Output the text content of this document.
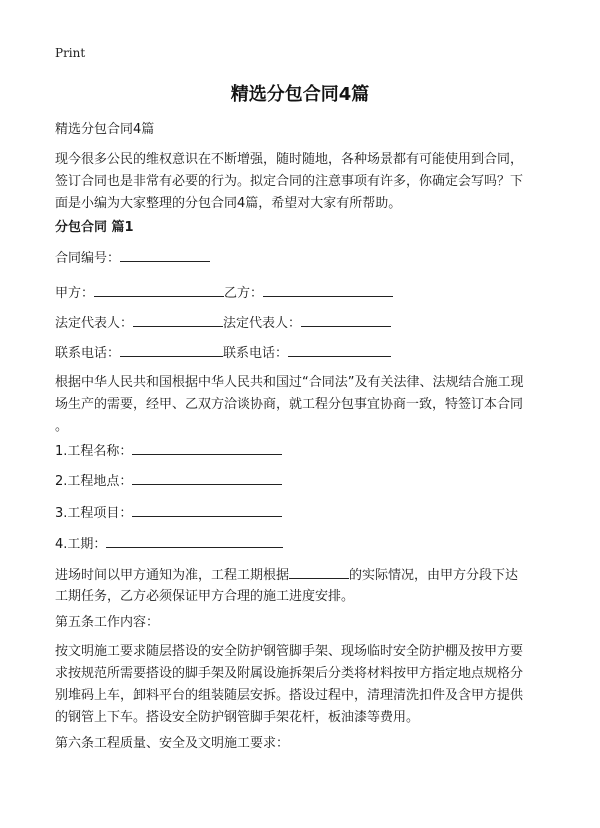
Print
精选分包合同4篇
精选分包合同4篇
现今很多公民的维权意识在不断增强，随时随地，各种场景都有可能使用到合同，
签订合同也是非常有必要的行为。拟定合同的注意事项有许多，你确定会写吗？下
面是小编为大家整理的分包合同4篇，希望对大家有所帮助。
分包合同 篇1
合同编号：
甲方：	乙方：
法定代表人：	法定代表人：
联系电话：	联系电话：
根据中华人民共和国根据中华人民共和国过“合同法”及有关法律、法规结合施工现
场生产的需要，经甲、乙双方洽谈协商，就工程分包事宜协商一致，特签订本合同
。
1.工程名称：
2.工程地点：
3.工程项目：
4.工期：
进场时间以甲方通知为准，工程工期根据	的实际情况，由甲方分段下达
工期任务，乙方必须保证甲方合理的施工进度安排。
第五条工作内容：
按文明施工要求随层搭设的安全防护钢管脚手架、现场临时安全防护棚及按甲方要
求按规范所需要搭设的脚手架及附属设施拆架后分类将材料按甲方指定地点规格分
别堆码上车，卸料平台的组装随层安拆。搭设过程中，清理清洗扣件及含甲方提供
的钢管上下车。搭设安全防护钢管脚手架花杆，板油漆等费用。
第六条工程质量、安全及文明施工要求：
